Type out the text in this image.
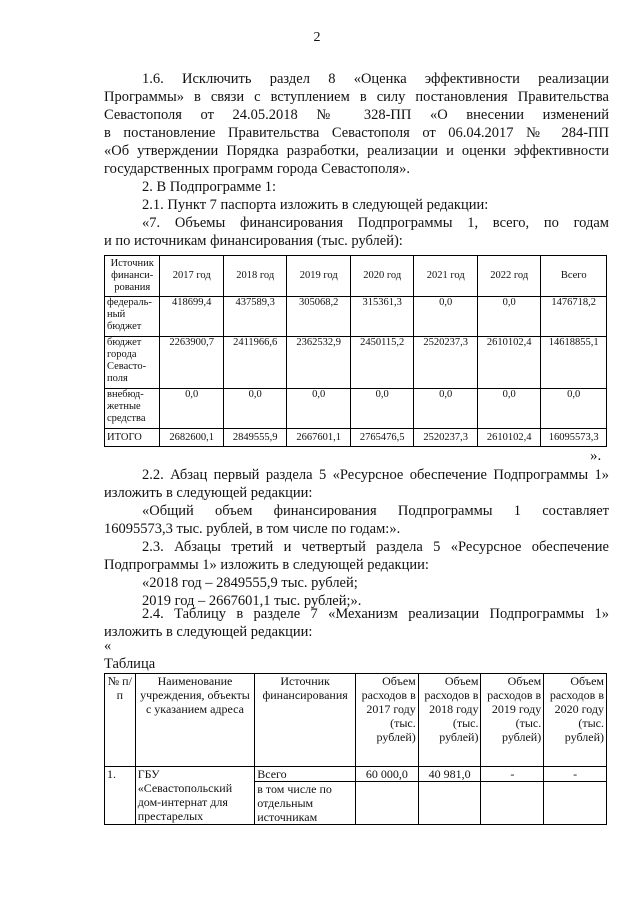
2
1.6. Исключить раздел 8 «Оценка эффективности реализации
Программы» в связи с вступлением в силу постановления Правительства
Севастополя от 24.05.2018 № 328-ПП «О внесении изменений
в постановление Правительства Севастополя от 06.04.2017 № 284-ПП
«Об утверждении Порядка разработки, реализации и оценки эффективности
государственных программ города Севастополя».
2. В Подпрограмме 1:
2.1. Пункт 7 паспорта изложить в следующей редакции:
«7. Объемы финансирования Подпрограммы 1, всего, по годам
и по источникам финансирования (тыс. рублей):
Источник финанси-рования	2017 год	2018 год	2019 год	2020 год	2021 год	2022 год	Всего
федераль-ный бюджет	418699,4	437589,3	305068,2	315361,3	0,0	0,0	1476718,2
бюджет города Севасто-поля	2263900,7	2411966,6	2362532,9	2450115,2	2520237,3	2610102,4	14618855,1
внебюд-жетные средства	0,0	0,0	0,0	0,0	0,0	0,0	0,0
ИТОГО	2682600,1	2849555,9	2667601,1	2765476,5	2520237,3	2610102,4	16095573,3
».
2.2. Абзац первый раздела 5 «Ресурсное обеспечение Подпрограммы 1»
изложить в следующей редакции:
«Общий объем финансирования Подпрограммы 1 составляет
16095573,3 тыс. рублей, в том числе по годам:».
2.3. Абзацы третий и четвертый раздела 5 «Ресурсное обеспечение
Подпрограммы 1» изложить в следующей редакции:
«2018 год – 2849555,9 тыс. рублей;
2019 год – 2667601,1 тыс. рублей;».
2.4. Таблицу в разделе 7 «Механизм реализации Подпрограммы 1»
изложить в следующей редакции:
«
Таблица
№ п/п	Наименование учреждения, объекты с указанием адреса	Источник финансирования	Объем расходов в 2017 году (тыс. рублей)	Объем расходов в 2018 году (тыс. рублей)	Объем расходов в 2019 году (тыс. рублей)	Объем расходов в 2020 году (тыс. рублей)
1.	ГБУ «Севастопольский дом-интернат для престарелых	Всего	60 000,0	40 981,0	-	-
		в том числе по отдельным источникам				
